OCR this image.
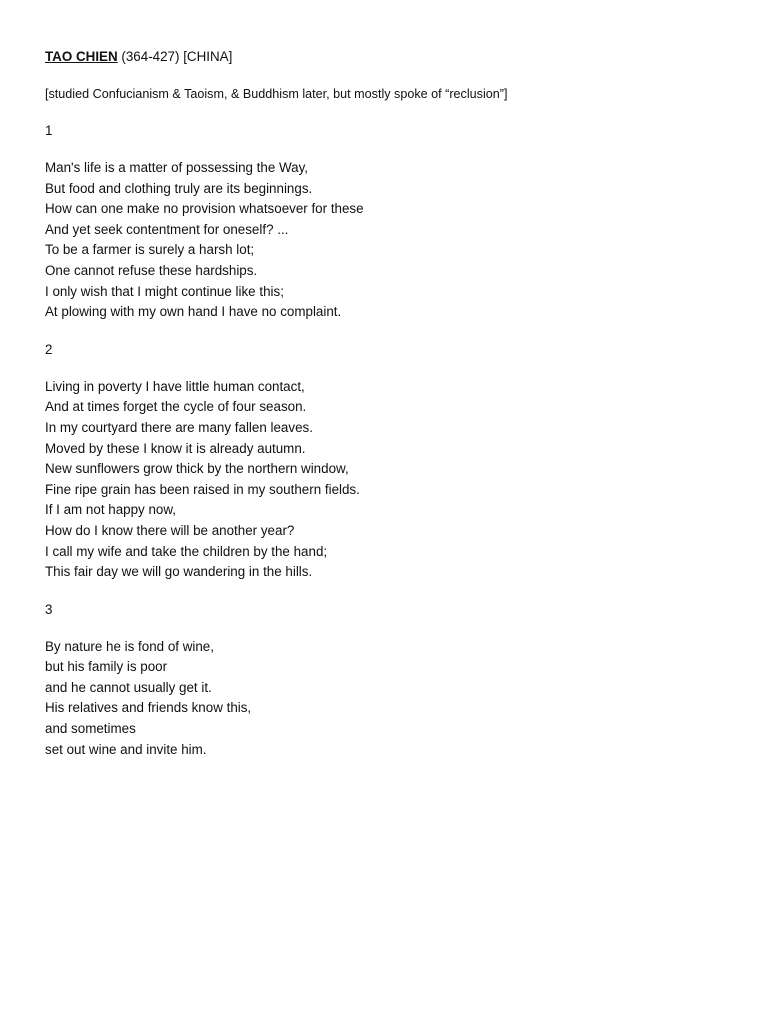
TAO CHIEN (364-427) [CHINA]

[studied Confucianism & Taoism, & Buddhism later, but mostly spoke of “reclusion”]

1

Man's life is a matter of possessing the Way,
But food and clothing truly are its beginnings.
How can one make no provision whatsoever for these
And yet seek contentment for oneself? ...
To be a farmer is surely a harsh lot;
One cannot refuse these hardships.
I only wish that I might continue like this;
At plowing with my own hand I have no complaint.

2

Living in poverty I have little human contact,
And at times forget the cycle of four season.
In my courtyard there are many fallen leaves.
Moved by these I know it is already autumn.
New sunflowers grow thick by the northern window,
Fine ripe grain has been raised in my southern fields.
If I am not happy now,
How do I know there will be another year?
I call my wife and take the children by the hand;
This fair day we will go wandering in the hills.

3

By nature he is fond of wine,
but his family is poor
and he cannot usually get it.
His relatives and friends know this,
and sometimes
set out wine and invite him.
